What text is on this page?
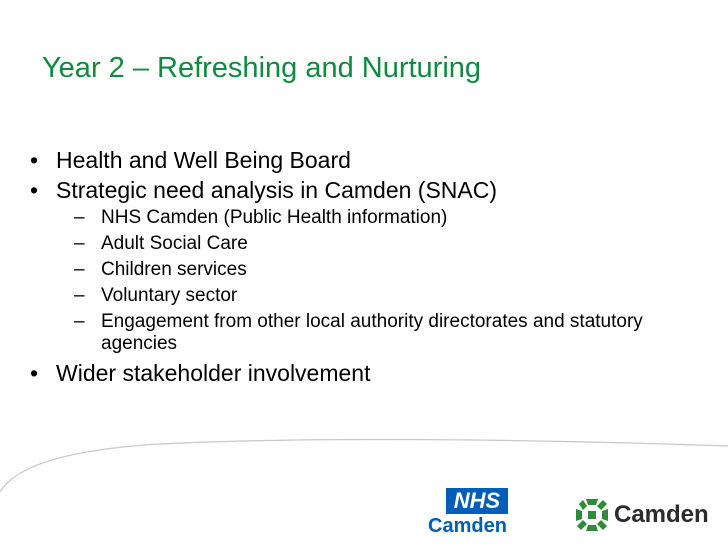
Year 2 – Refreshing and Nurturing
• Health and Well Being Board
• Strategic need analysis in Camden (SNAC)
– NHS Camden (Public Health information)
– Adult Social Care
– Children services
– Voluntary sector
– Engagement from other local authority directorates and statutory agencies
• Wider stakeholder involvement
NHS
Camden	Camden
